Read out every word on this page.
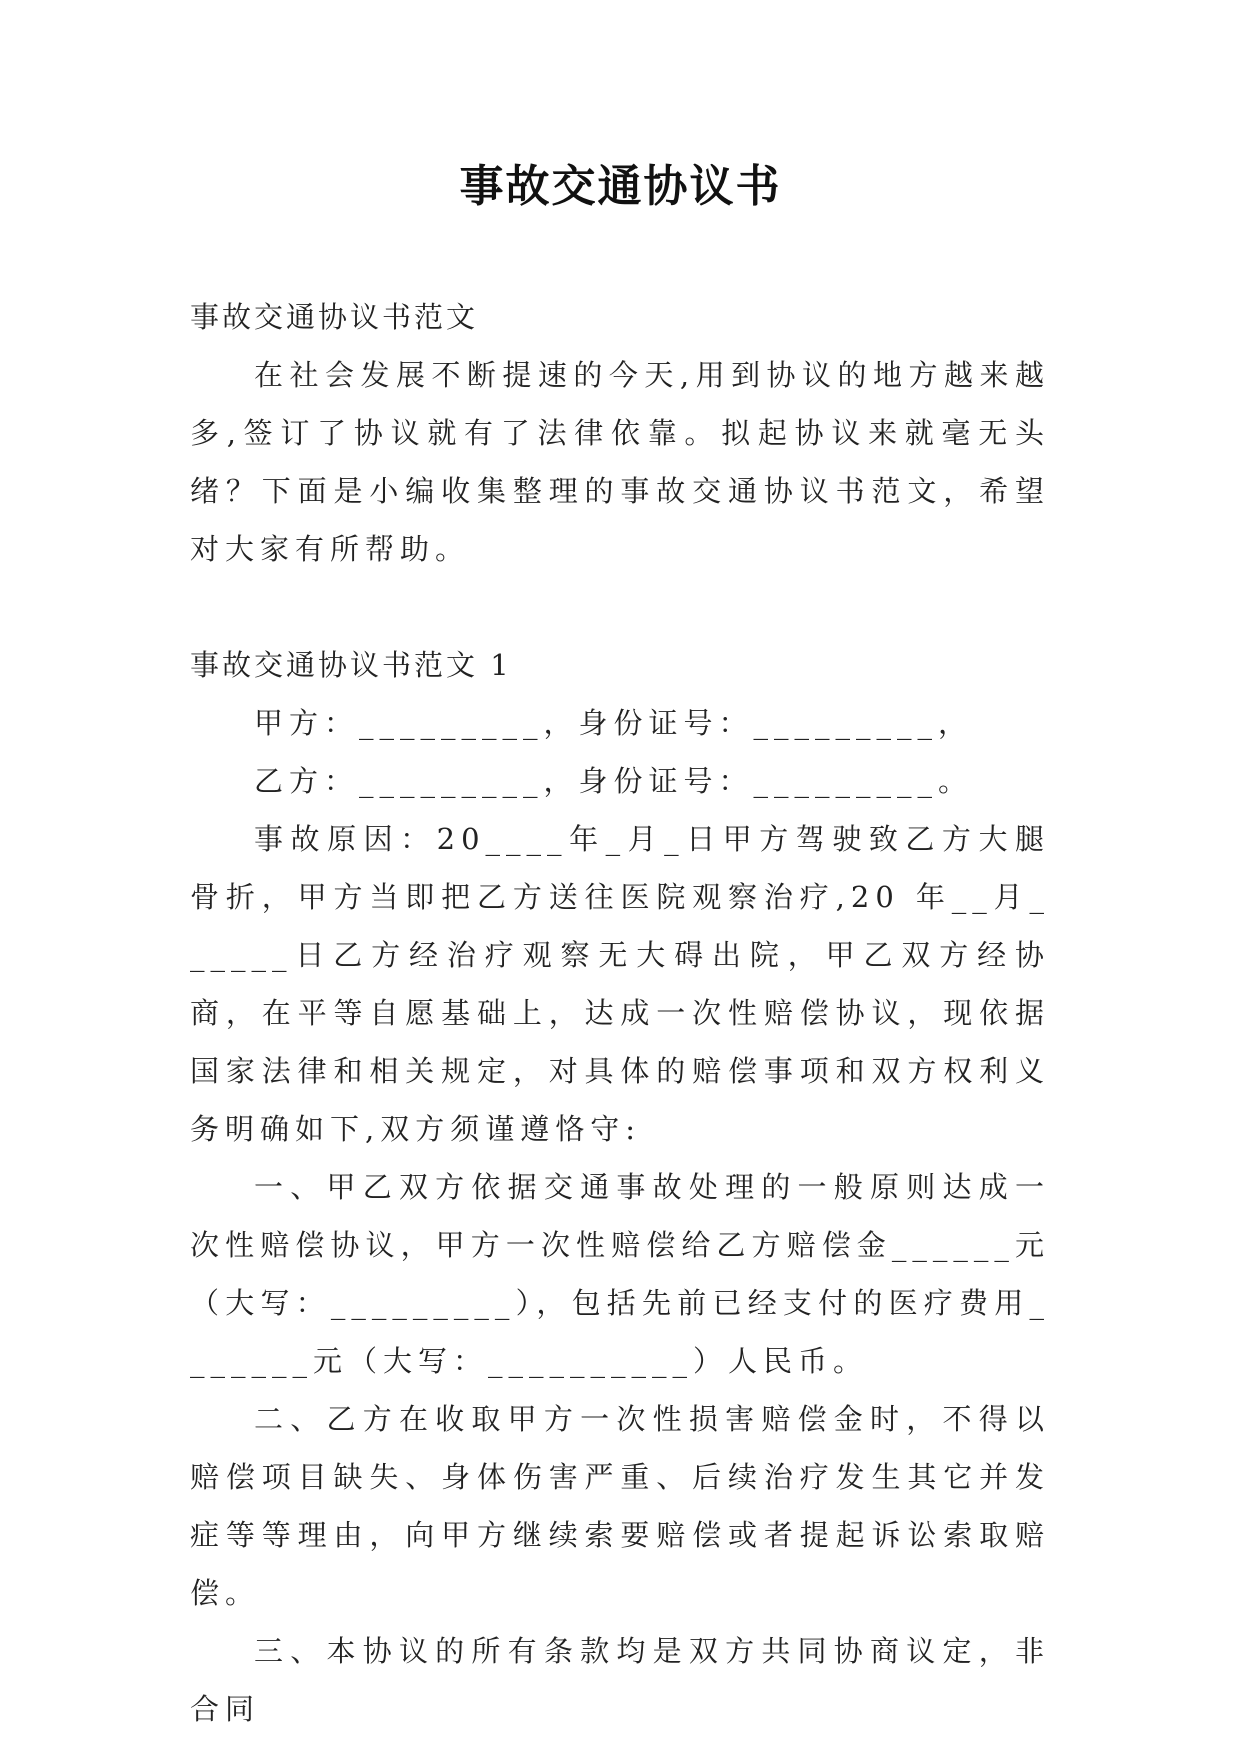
事故交通协议书

事故交通协议书范文

在社会发展不断提速的今天,用到协议的地方越来越多,签订了协议就有了法律依靠。拟起协议来就毫无头绪？下面是小编收集整理的事故交通协议书范文，希望对大家有所帮助。

事故交通协议书范文 1

甲方：_________，身份证号：_________，

乙方：_________，身份证号：_________。

事故原因：20____年_月_日甲方驾驶致乙方大腿骨折，甲方当即把乙方送往医院观察治疗,20 年__月______日乙方经治疗观察无大碍出院，甲乙双方经协商，在平等自愿基础上，达成一次性赔偿协议，现依据国家法律和相关规定，对具体的赔偿事项和双方权利义务明确如下,双方须谨遵恪守:

一、甲乙双方依据交通事故处理的一般原则达成一次性赔偿协议，甲方一次性赔偿给乙方赔偿金______元（大写：_________），包括先前已经支付的医疗费用_______元（大写：__________）人民币。

二、乙方在收取甲方一次性损害赔偿金时，不得以赔偿项目缺失、身体伤害严重、后续治疗发生其它并发症等等理由，向甲方继续索要赔偿或者提起诉讼索取赔偿。

三、本协议的所有条款均是双方共同协商议定，非合同
